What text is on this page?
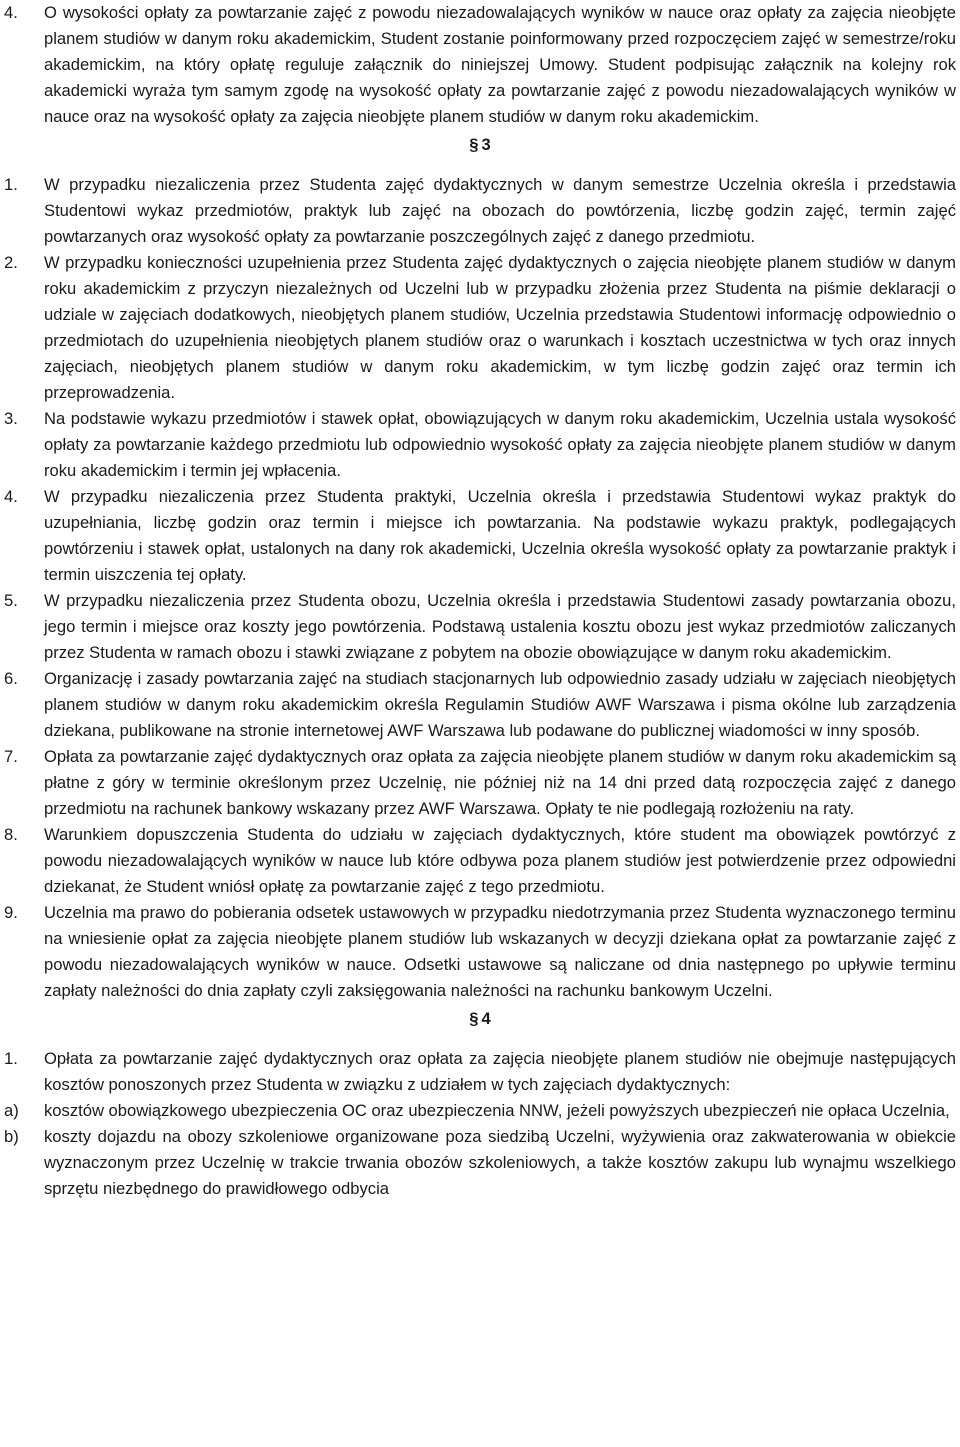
4.	O wysokości opłaty za powtarzanie zajęć z powodu niezadowalających wyników w nauce oraz opłaty za zajęcia nieobjęte planem studiów w danym roku akademickim, Student zostanie poinformowany przed rozpoczęciem zajęć w semestrze/roku akademickim, na który opłatę reguluje załącznik do niniejszej Umowy. Student podpisując załącznik na kolejny rok akademicki wyraża tym samym zgodę na wysokość opłaty za powtarzanie zajęć z powodu niezadowalających wyników w nauce oraz na wysokość opłaty za zajęcia nieobjęte planem studiów w danym roku akademickim.
§ 3
1.	W przypadku niezaliczenia przez Studenta zajęć dydaktycznych w danym semestrze Uczelnia określa i przedstawia Studentowi wykaz przedmiotów, praktyk lub zajęć na obozach do powtórzenia, liczbę godzin zajęć, termin zajęć powtarzanych oraz wysokość opłaty za powtarzanie poszczególnych zajęć z danego przedmiotu.
2.	W przypadku konieczności uzupełnienia przez Studenta zajęć dydaktycznych o zajęcia nieobjęte planem studiów w danym roku akademickim z przyczyn niezależnych od Uczelni lub w przypadku złożenia przez Studenta na piśmie deklaracji o udziale w zajęciach dodatkowych, nieobjętych planem studiów, Uczelnia przedstawia Studentowi informację odpowiednio o przedmiotach do uzupełnienia nieobjętych planem studiów oraz o warunkach i kosztach uczestnictwa w tych oraz innych zajęciach, nieobjętych planem studiów w danym roku akademickim, w tym liczbę godzin zajęć oraz termin ich przeprowadzenia.
3.	Na podstawie wykazu przedmiotów i stawek opłat, obowiązujących w danym roku akademickim, Uczelnia ustala wysokość opłaty za powtarzanie każdego przedmiotu lub odpowiednio wysokość opłaty za zajęcia nieobjęte planem studiów w danym roku akademickim i termin jej wpłacenia.
4.	W przypadku niezaliczenia przez Studenta praktyki, Uczelnia określa i przedstawia Studentowi wykaz praktyk do uzupełniania, liczbę godzin oraz termin i miejsce ich powtarzania. Na podstawie wykazu praktyk, podlegających powtórzeniu i stawek opłat, ustalonych na dany rok akademicki, Uczelnia określa wysokość opłaty za powtarzanie praktyk i termin uiszczenia tej opłaty.
5.	W przypadku niezaliczenia przez Studenta obozu, Uczelnia określa i przedstawia Studentowi zasady powtarzania obozu, jego termin i miejsce oraz koszty jego powtórzenia. Podstawą ustalenia kosztu obozu jest wykaz przedmiotów zaliczanych przez Studenta w ramach obozu i stawki związane z pobytem na obozie obowiązujące w danym roku akademickim.
6.	Organizację i zasady powtarzania zajęć na studiach stacjonarnych lub odpowiednio zasady udziału w zajęciach nieobjętych planem studiów w danym roku akademickim określa Regulamin Studiów AWF Warszawa i pisma okólne lub zarządzenia dziekana, publikowane na stronie internetowej AWF Warszawa lub podawane do publicznej wiadomości w inny sposób.
7.	Opłata za powtarzanie zajęć dydaktycznych oraz opłata za zajęcia nieobjęte planem studiów w danym roku akademickim są płatne z góry w terminie określonym przez Uczelnię, nie później niż na 14 dni przed datą rozpoczęcia zajęć z danego przedmiotu na rachunek bankowy wskazany przez AWF Warszawa. Opłaty te nie podlegają rozłożeniu na raty.
8.	Warunkiem dopuszczenia Studenta do udziału w zajęciach dydaktycznych, które student ma obowiązek powtórzyć z powodu niezadowalających wyników w nauce lub które odbywa poza planem studiów jest potwierdzenie przez odpowiedni dziekanat, że Student wniósł opłatę za powtarzanie zajęć z tego przedmiotu.
9.	Uczelnia ma prawo do pobierania odsetek ustawowych w przypadku niedotrzymania przez Studenta wyznaczonego terminu na wniesienie opłat za zajęcia nieobjęte planem studiów lub wskazanych w decyzji dziekana opłat za powtarzanie zajęć z powodu niezadowalających wyników w nauce. Odsetki ustawowe są naliczane od dnia następnego po upływie terminu zapłaty należności do dnia zapłaty czyli zaksięgowania należności na rachunku bankowym Uczelni.
§ 4
1.	Opłata za powtarzanie zajęć dydaktycznych oraz opłata za zajęcia nieobjęte planem studiów nie obejmuje następujących kosztów ponoszonych przez Studenta w związku z udziałem w tych zajęciach dydaktycznych:
a)	kosztów obowiązkowego ubezpieczenia OC oraz ubezpieczenia NNW, jeżeli powyższych ubezpieczeń nie opłaca Uczelnia,
b)	koszty dojazdu na obozy szkoleniowe organizowane poza siedzibą Uczelni, wyżywienia oraz zakwaterowania w obiekcie wyznaczonym przez Uczelnię w trakcie trwania obozów szkoleniowych, a także kosztów zakupu lub wynajmu wszelkiego sprzętu niezbędnego do prawidłowego odbycia
